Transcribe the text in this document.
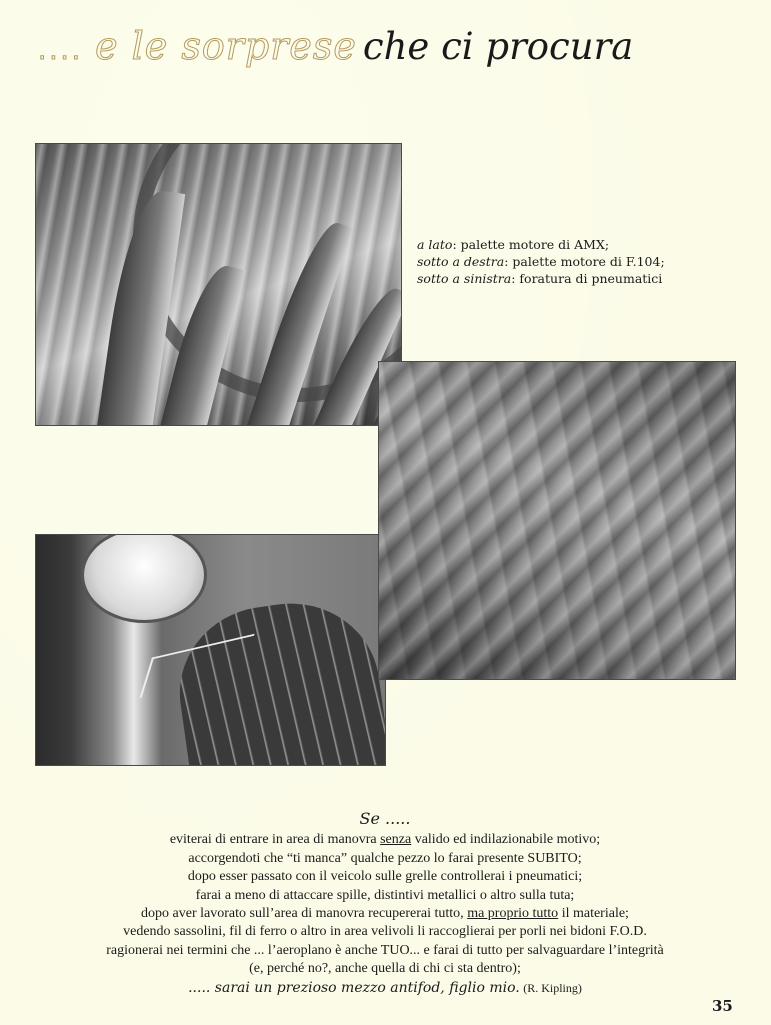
.... e le sorprese che ci procura
a lato: palette motore di AMX;
sotto a destra: palette motore di F.104;
sotto a sinistra: foratura di pneumatici
Se .....
eviterai di entrare in area di manovra senza valido ed indilazionabile motivo;
accorgendoti che “ti manca” qualche pezzo lo farai presente SUBITO;
dopo esser passato con il veicolo sulle grelle controllerai i pneumatici;
farai a meno di attaccare spille, distintivi metallici o altro sulla tuta;
dopo aver lavorato sull’area di manovra recupererai tutto, ma proprio tutto il materiale;
vedendo sassolini, fil di ferro o altro in area velivoli li raccoglierai per porli nei bidoni F.O.D.
ragionerai nei termini che ... l’aeroplano è anche TUO... e farai di tutto per salvaguardare l’integrità
(e, perché no?, anche quella di chi ci sta dentro);
..... sarai un prezioso mezzo antifod, figlio mio. (R. Kipling)
35
